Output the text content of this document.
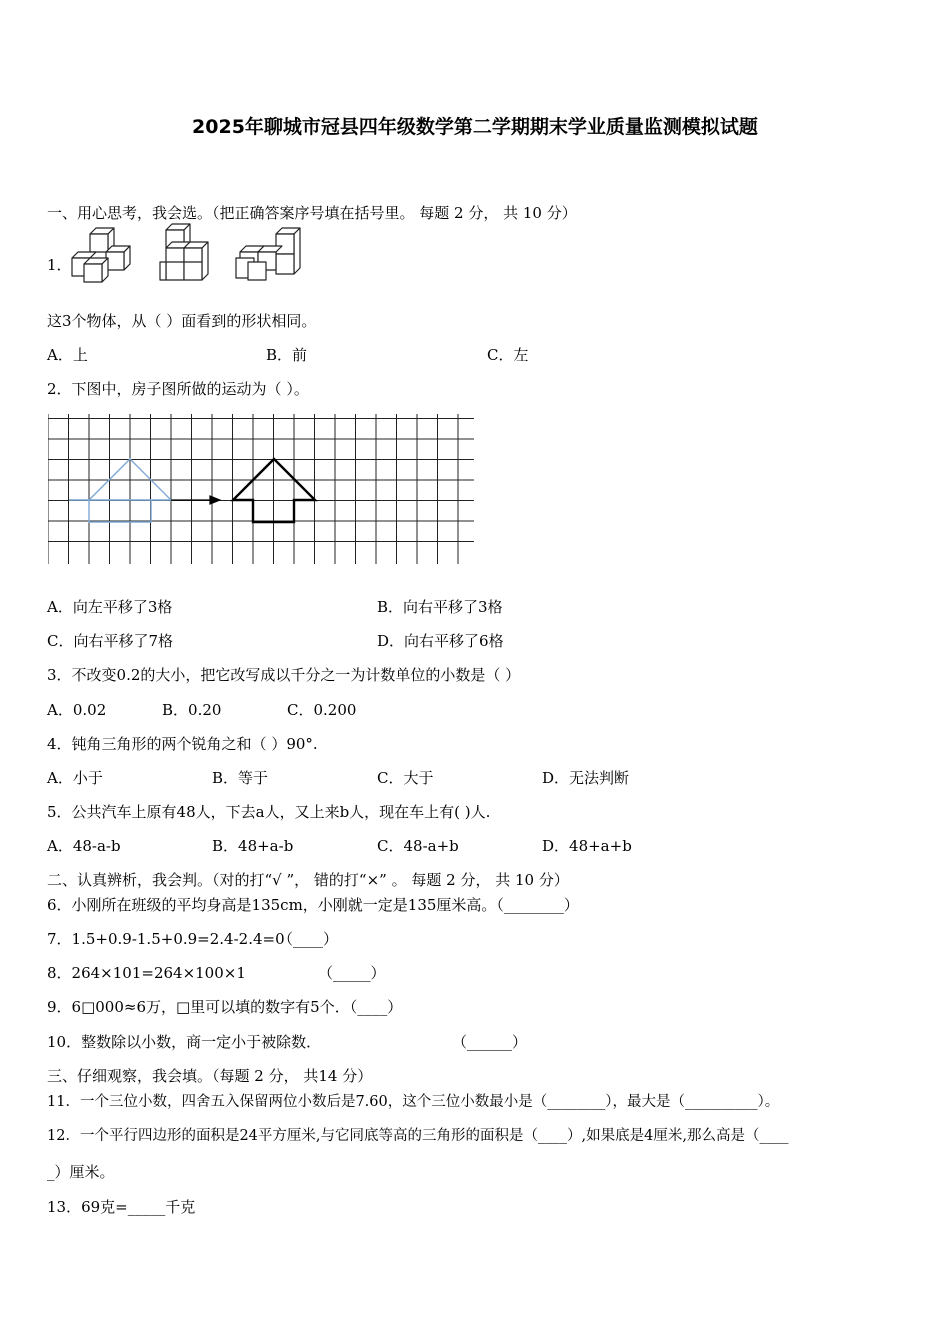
2025年聊城市冠县四年级数学第二学期期末学业质量监测模拟试题
一、用心思考，我会选。（把正确答案序号填在括号里。 每题 2 分， 共 10 分）
1．
这3个物体，从（ ）面看到的形状相同。
A．上	B．前	C．左
2．下图中，房子图所做的运动为（ ）。
A．向左平移了3格	B．向右平移了3格
C．向右平移了7格	D．向右平移了6格
3．不改变0.2的大小，把它改写成以千分之一为计数单位的小数是（ ）
A．0.02	B．0.20	C．0.200
4．钝角三角形的两个锐角之和（ ）90°.
A．小于	B．等于	C．大于	D．无法判断
5．公共汽车上原有48人，下去a人，又上来b人，现在车上有( )人.
A．48-a-b	B．48+a-b	C．48-a+b	D．48+a+b
二、认真辨析，我会判。（对的打“√ ”， 错的打“×” 。 每题 2 分， 共 10 分）
6．小刚所在班级的平均身高是135cm，小刚就一定是135厘米高。（________）
7．1.5+0.9-1.5+0.9=2.4-2.4=0
（____）
8．264×101=264×100×1	（_____）
9．6□000≈6万，□里可以填的数字有5个．（____）
10．整数除以小数，商一定小于被除数．	（______）
三、仔细观察，我会填。（每题 2 分， 共14 分）
11．一个三位小数，四舍五入保留两位小数后是7.60，这个三位小数最小是（________），最大是（__________）。
12．一个平行四边形的面积是24平方厘米,与它同底等高的三角形的面积是（____）,如果底是4厘米,那么高是（____
_）厘米。
13．69克=_____千克
